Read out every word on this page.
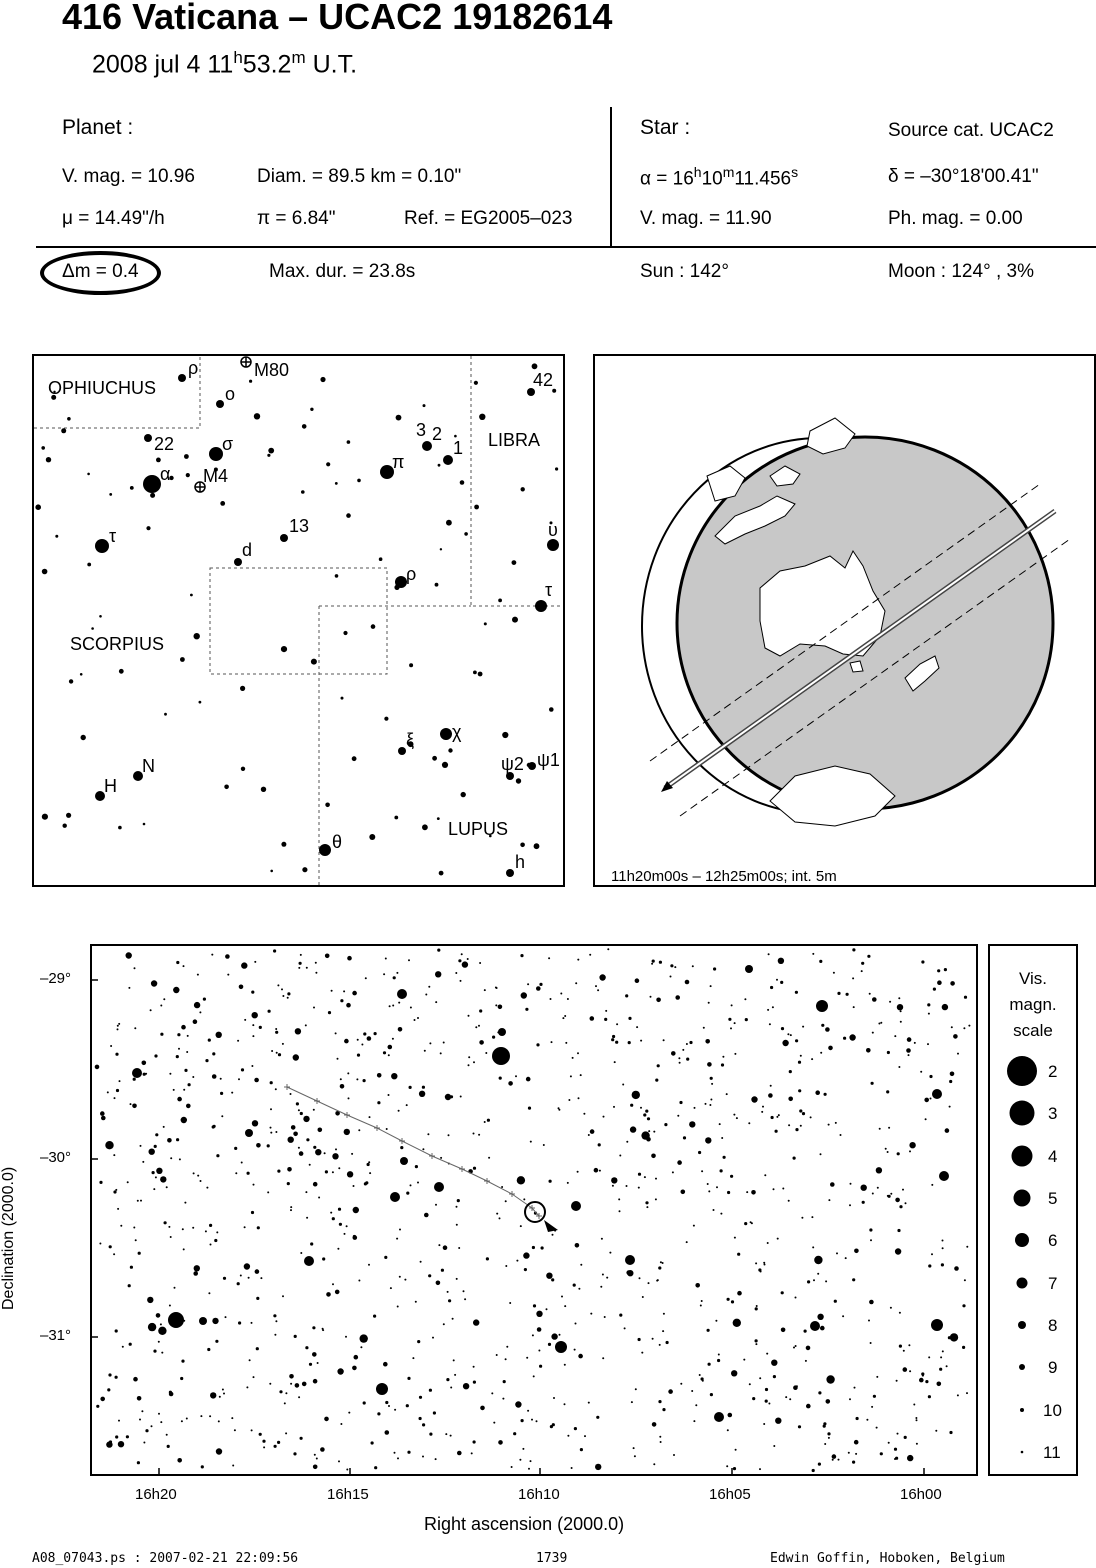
416 Vaticana – UCAC2 19182614
2008 jul 4 11$^h$53.2$^m$ U.T.
Planet :
V. mag. = 10.96	Diam. = 89.5 km = 0.10"
μ = 14.49"/h	π = 6.84"	Ref. = EG2005–023
Star :	Source cat. UCAC2
$\alpha = 16^h10^m11.456^s$	δ = –30°18'00.41"
V. mag. = 11.90	Ph. mag. = 0.00
Δm = 0.4	Max. dur. = 23.8s	Sun : 142°	Moon : 124° , 3%
OPHIUCHUS
LIBRA
SCORPIUS
LUPUS
ρ	M80	42
ο
3 2
1
22	σ
π
α M4
υ
13
τ
d
ρ
τ
χ
ξ
ψ2 ψ1
N
H
θ
h
11h20m00s – 12h25m00s; int. 5m
–29°
–30°
–31°
Declination (2000.0)
16h20	16h15	16h10	16h05	16h00
Right ascension (2000.0)
Vis.
magn.
scale
2
3
4
5
6
7
8
9
10
11
A08_07043.ps : 2007-02-21 22:09:56	1739	Edwin Goffin, Hoboken, Belgium
